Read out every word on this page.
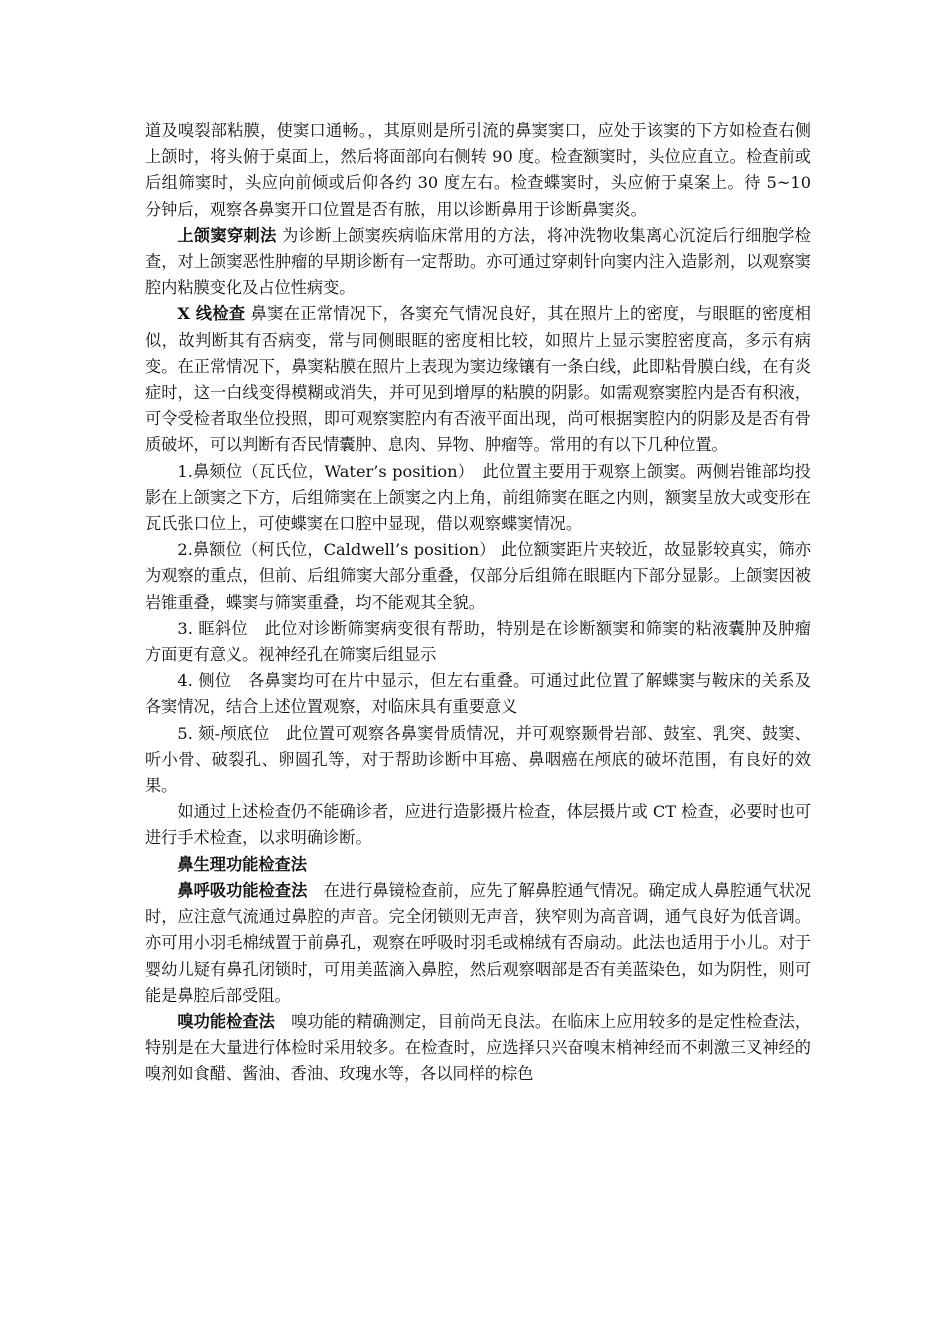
道及嗅裂部粘膜，使窦口通畅。，其原则是所引流的鼻窦窦口，应处于该窦的下方如检查右侧上颌时，将头俯于桌面上，然后将面部向右侧转 90 度。检查额窦时，头位应直立。检查前或后组筛窦时，头应向前倾或后仰各约 30 度左右。检查蝶窦时，头应俯于桌案上。待 5~10 分钟后，观察各鼻窦开口位置是否有脓，用以诊断鼻用于诊断鼻窦炎。

上颌窦穿刺法 为诊断上颌窦疾病临床常用的方法，将冲洗物收集离心沉淀后行细胞学检查，对上颌窦恶性肿瘤的早期诊断有一定帮助。亦可通过穿刺针向窦内注入造影剂，以观察窦腔内粘膜变化及占位性病变。

X 线检查 鼻窦在正常情况下，各窦充气情况良好，其在照片上的密度，与眼眶的密度相似，故判断其有否病变，常与同侧眼眶的密度相比较，如照片上显示窦腔密度高，多示有病变。在正常情况下，鼻窦粘膜在照片上表现为窦边缘镶有一条白线，此即粘骨膜白线，在有炎症时，这一白线变得模糊或消失，并可见到增厚的粘膜的阴影。如需观察窦腔内是否有积液，可令受检者取坐位投照，即可观察窦腔内有否液平面出现，尚可根据窦腔内的阴影及是否有骨质破坏，可以判断有否民情囊肿、息肉、异物、肿瘤等。常用的有以下几种位置。

1.鼻颏位（瓦氏位，Water’s position）　此位置主要用于观察上颌窦。两侧岩锥部均投影在上颌窦之下方，后组筛窦在上颌窦之内上角，前组筛窦在眶之内则，额窦呈放大或变形在瓦氏张口位上，可使蝶窦在口腔中显现，借以观察蝶窦情况。

2.鼻额位（柯氏位，Caldwell’s position） 此位额窦距片夹较近，故显影较真实，筛亦为观察的重点，但前、后组筛窦大部分重叠，仅部分后组筛在眼眶内下部分显影。上颌窦因被岩锥重叠，蝶窦与筛窦重叠，均不能观其全貌。

3. 眶斜位　此位对诊断筛窦病变很有帮助，特别是在诊断额窦和筛窦的粘液囊肿及肿瘤方面更有意义。视神经孔在筛窦后组显示

4. 侧位　各鼻窦均可在片中显示，但左右重叠。可通过此位置了解蝶窦与鞍床的关系及各窦情况，结合上述位置观察，对临床具有重要意义

5. 颏-颅底位　此位置可观察各鼻窦骨质情况，并可观察颞骨岩部、鼓室、乳突、鼓窦、听小骨、破裂孔、卵圆孔等，对于帮助诊断中耳癌、鼻咽癌在颅底的破坏范围，有良好的效果。

如通过上述检查仍不能确诊者，应进行造影摄片检查，体层摄片或 CT 检查，必要时也可进行手术检查，以求明确诊断。

鼻生理功能检查法

鼻呼吸功能检查法　在进行鼻镜检查前，应先了解鼻腔通气情况。确定成人鼻腔通气状况时，应注意气流通过鼻腔的声音。完全闭锁则无声音，狭窄则为高音调，通气良好为低音调。亦可用小羽毛棉绒置于前鼻孔，观察在呼吸时羽毛或棉绒有否扇动。此法也适用于小儿。对于婴幼儿疑有鼻孔闭锁时，可用美蓝滴入鼻腔，然后观察咽部是否有美蓝染色，如为阴性，则可能是鼻腔后部受阻。

嗅功能检查法　嗅功能的精确测定，目前尚无良法。在临床上应用较多的是定性检查法，特别是在大量进行体检时采用较多。在检查时，应选择只兴奋嗅末梢神经而不刺激三叉神经的嗅剂如食醋、酱油、香油、玫瑰水等，各以同样的棕色
